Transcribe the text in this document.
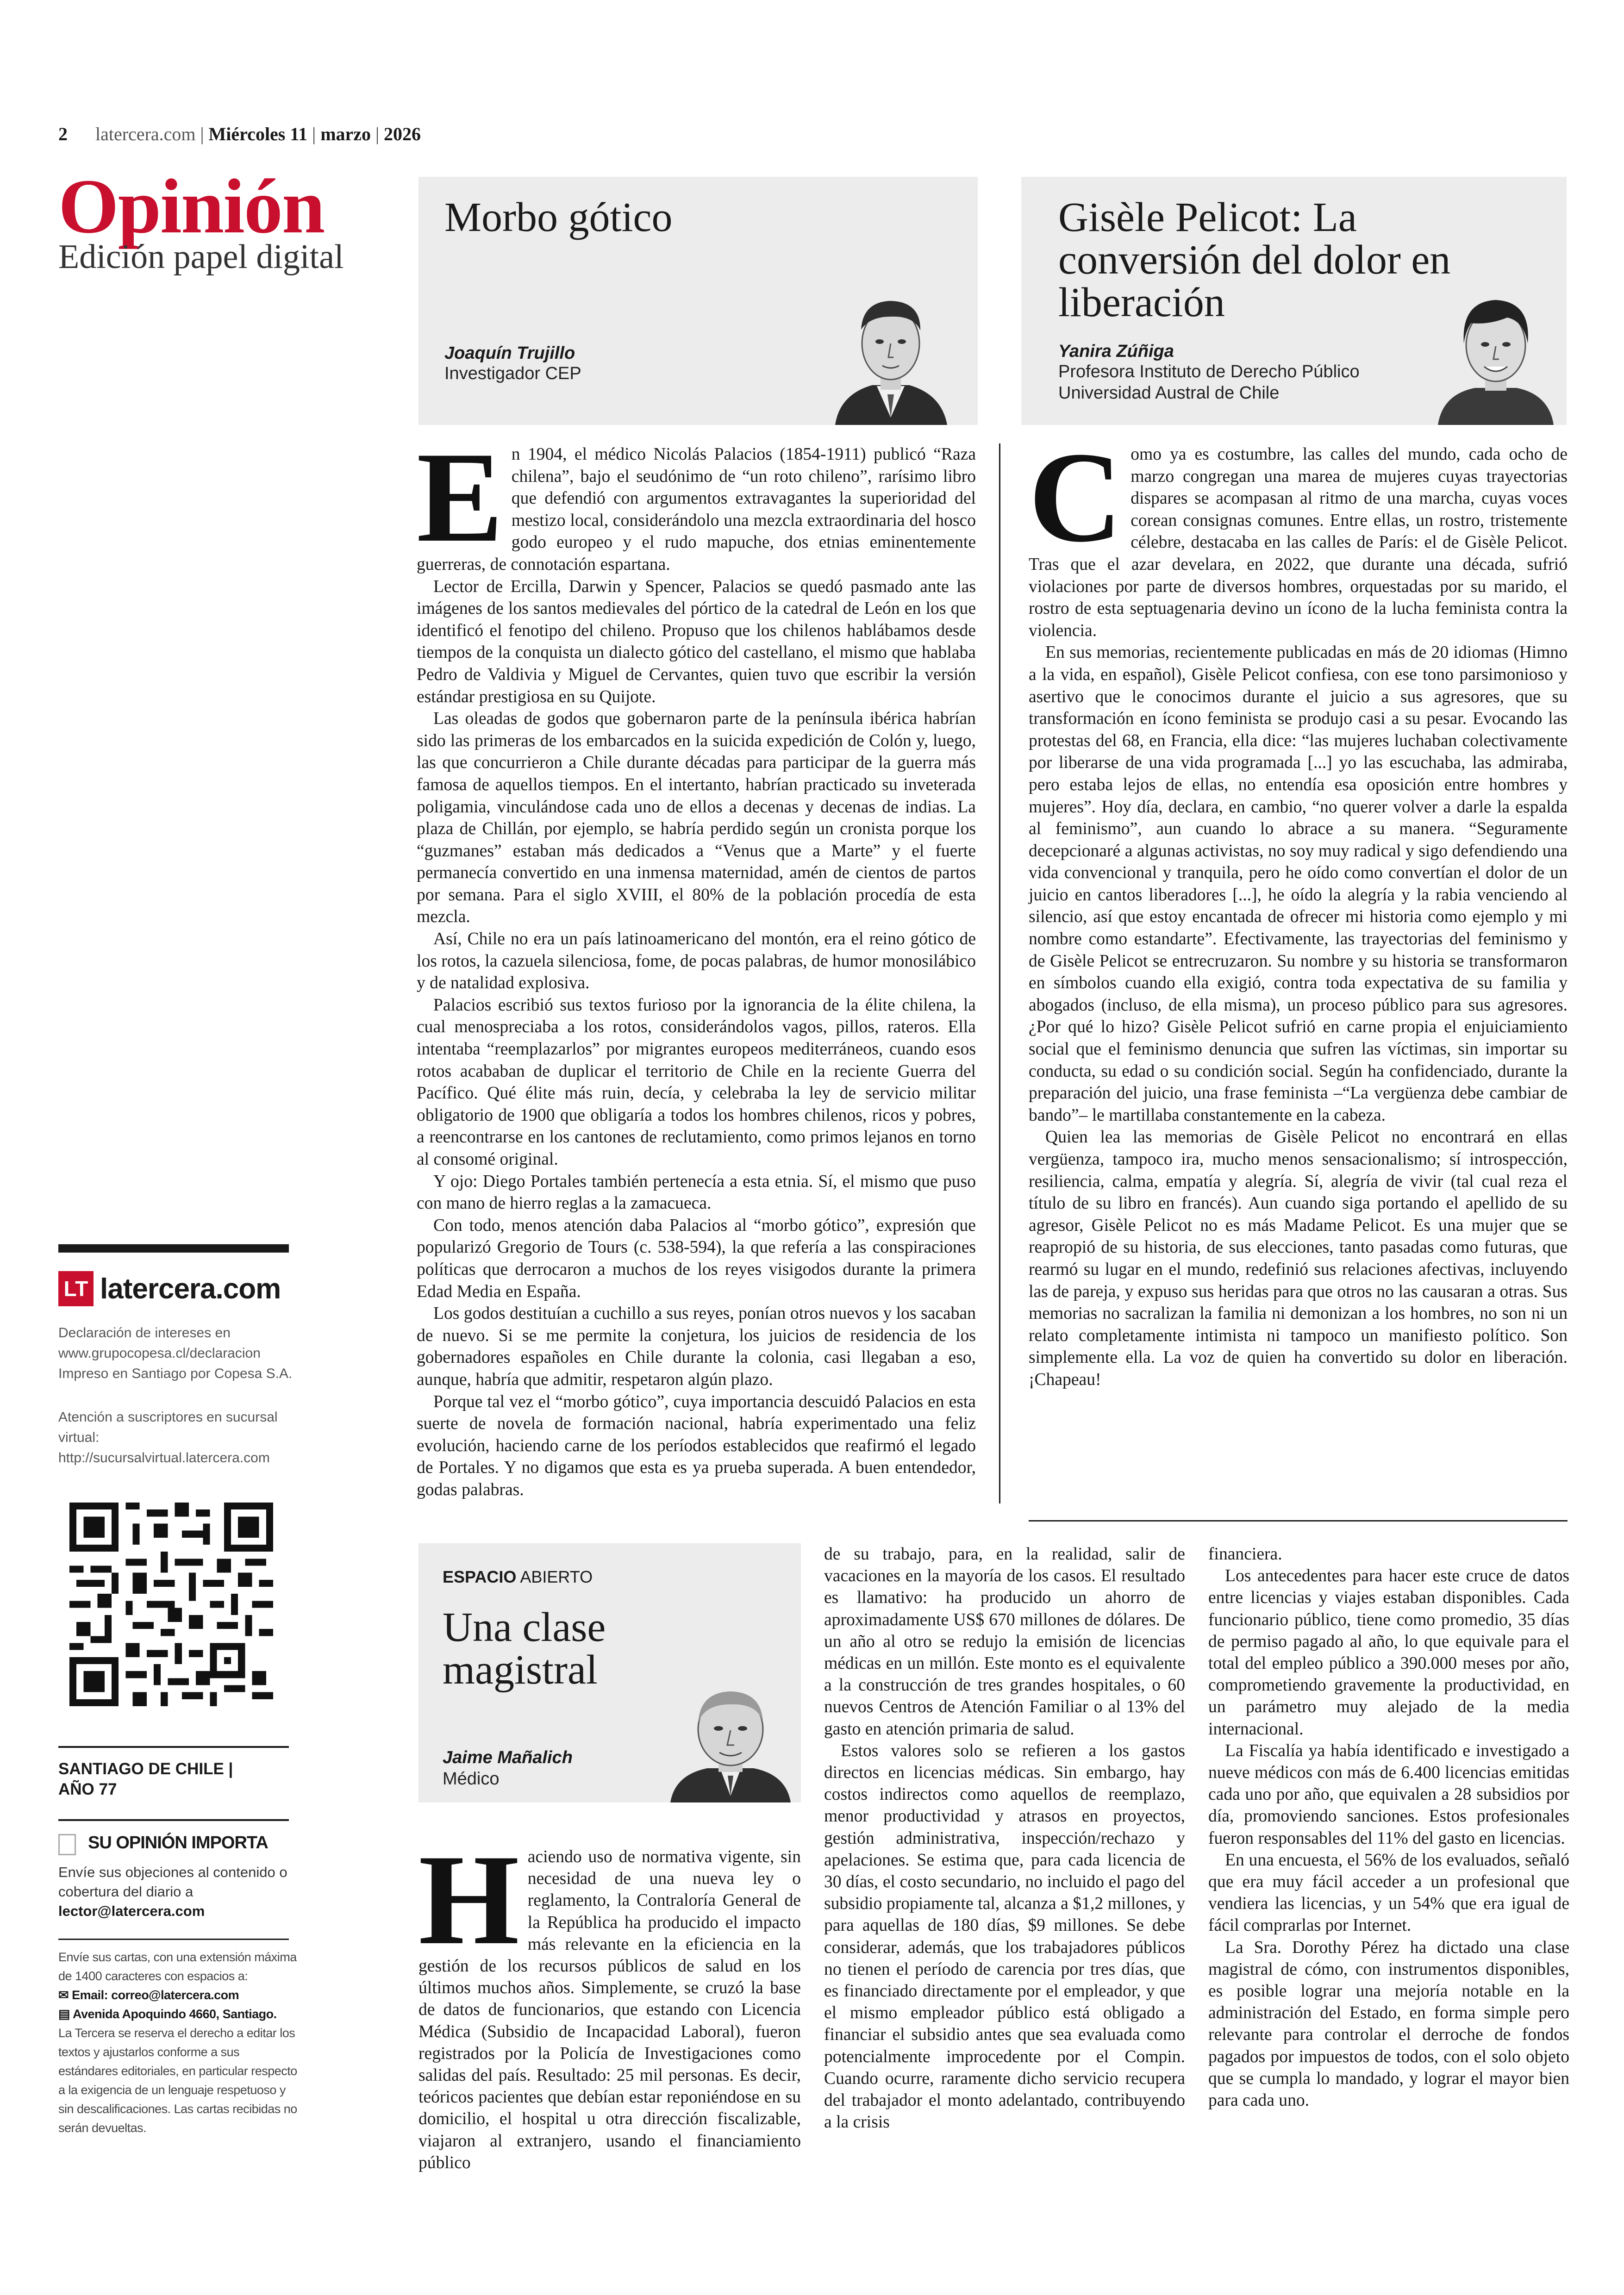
2 latercera.com | Miércoles 11 | marzo | 2026
Opinión
Edición papel digital
LT latercera.com
Declaración de intereses en www.grupocopesa.cl/declaracion Impreso en Santiago por Copesa S.A.
Atención a suscriptores en sucursal virtual: http://sucursalvirtual.latercera.com
SANTIAGO DE CHILE |
AÑO 77
SU OPINIÓN IMPORTA
Envíe sus objeciones al contenido o cobertura del diario a lector@latercera.com
Envíe sus cartas, con una extensión máxima de 1400 caracteres con espacios a:
✉ Email: correo@latercera.com
▤ Avenida Apoquindo 4660, Santiago.
La Tercera se reserva el derecho a editar los textos y ajustarlos conforme a sus estándares editoriales, en particular respecto a la exigencia de un lenguaje respetuoso y sin descalificaciones. Las cartas recibidas no serán devueltas.
Morbo gótico
Joaquín Trujillo
Investigador CEP
Gisèle Pelicot: La conversión del dolor en liberación
Yanira Zúñiga
Profesora Instituto de Derecho Público
Universidad Austral de Chile
E n 1904, el médico Nicolás Palacios (1854-1911) publicó “Raza chilena”, bajo el seudónimo de “un roto chileno”, rarísimo libro que defendió con argumentos extravagantes la superioridad del mestizo local, considerándolo una mezcla extraordinaria del hosco godo europeo y el rudo mapuche, dos etnias eminentemente guerreras, de connotación espartana.

Lector de Ercilla, Darwin y Spencer, Palacios se quedó pasmado ante las imágenes de los santos medievales del pórtico de la catedral de León en los que identificó el fenotipo del chileno. Propuso que los chilenos hablábamos desde tiempos de la conquista un dialecto gótico del castellano, el mismo que hablaba Pedro de Valdivia y Miguel de Cervantes, quien tuvo que escribir la versión estándar prestigiosa en su Quijote.

Las oleadas de godos que gobernaron parte de la península ibérica habrían sido las primeras de los embarcados en la suicida expedición de Colón y, luego, las que concurrieron a Chile durante décadas para participar de la guerra más famosa de aquellos tiempos. En el intertanto, habrían practicado su inveterada poligamia, vinculándose cada uno de ellos a decenas y decenas de indias. La plaza de Chillán, por ejemplo, se habría perdido según un cronista porque los “guzmanes” estaban más dedicados a “Venus que a Marte” y el fuerte permanecía convertido en una inmensa maternidad, amén de cientos de partos por semana. Para el siglo XVIII, el 80% de la población procedía de esta mezcla.

Así, Chile no era un país latinoamericano del montón, era el reino gótico de los rotos, la cazuela silenciosa, fome, de pocas palabras, de humor monosilábico y de natalidad explosiva.

Palacios escribió sus textos furioso por la ignorancia de la élite chilena, la cual menospreciaba a los rotos, considerándolos vagos, pillos, rateros. Ella intentaba “reemplazarlos” por migrantes europeos mediterráneos, cuando esos rotos acababan de duplicar el territorio de Chile en la reciente Guerra del Pacífico. Qué élite más ruin, decía, y celebraba la ley de servicio militar obligatorio de 1900 que obligaría a todos los hombres chilenos, ricos y pobres, a reencontrarse en los cantones de reclutamiento, como primos lejanos en torno al consomé original.

Y ojo: Diego Portales también pertenecía a esta etnia. Sí, el mismo que puso con mano de hierro reglas a la zamacueca.

Con todo, menos atención daba Palacios al “morbo gótico”, expresión que popularizó Gregorio de Tours (c. 538-594), la que refería a las conspiraciones políticas que derrocaron a muchos de los reyes visigodos durante la primera Edad Media en España.

Los godos destituían a cuchillo a sus reyes, ponían otros nuevos y los sacaban de nuevo. Si se me permite la conjetura, los juicios de residencia de los gobernadores españoles en Chile durante la colonia, casi llegaban a eso, aunque, habría que admitir, respetaron algún plazo.

Porque tal vez el “morbo gótico”, cuya importancia descuidó Palacios en esta suerte de novela de formación nacional, habría experimentado una feliz evolución, haciendo carne de los períodos establecidos que reafirmó el legado de Portales. Y no digamos que esta es ya prueba superada. A buen entendedor, godas palabras.

C omo ya es costumbre, las calles del mundo, cada ocho de marzo congregan una marea de mujeres cuyas trayectorias dispares se acompasan al ritmo de una marcha, cuyas voces corean consignas comunes. Entre ellas, un rostro, tristemente célebre, destacaba en las calles de París: el de Gisèle Pelicot. Tras que el azar develara, en 2022, que durante una década, sufrió violaciones por parte de diversos hombres, orquestadas por su marido, el rostro de esta septuagenaria devino un ícono de la lucha feminista contra la violencia.

En sus memorias, recientemente publicadas en más de 20 idiomas (Himno a la vida, en español), Gisèle Pelicot confiesa, con ese tono parsimonioso y asertivo que le conocimos durante el juicio a sus agresores, que su transformación en ícono feminista se produjo casi a su pesar. Evocando las protestas del 68, en Francia, ella dice: “las mujeres luchaban colectivamente por liberarse de una vida programada [...] yo las escuchaba, las admiraba, pero estaba lejos de ellas, no entendía esa oposición entre hombres y mujeres”. Hoy día, declara, en cambio, “no querer volver a darle la espalda al feminismo”, aun cuando lo abrace a su manera. “Seguramente decepcionaré a algunas activistas, no soy muy radical y sigo defendiendo una vida convencional y tranquila, pero he oído como convertían el dolor de un juicio en cantos liberadores [...], he oído la alegría y la rabia venciendo al silencio, así que estoy encantada de ofrecer mi historia como ejemplo y mi nombre como estandarte”. Efectivamente, las trayectorias del feminismo y de Gisèle Pelicot se entrecruzaron. Su nombre y su historia se transformaron en símbolos cuando ella exigió, contra toda expectativa de su familia y abogados (incluso, de ella misma), un proceso público para sus agresores. ¿Por qué lo hizo? Gisèle Pelicot sufrió en carne propia el enjuiciamiento social que el feminismo denuncia que sufren las víctimas, sin importar su conducta, su edad o su condición social. Según ha confidenciado, durante la preparación del juicio, una frase feminista –“La vergüenza debe cambiar de bando”– le martillaba constantemente en la cabeza.

Quien lea las memorias de Gisèle Pelicot no encontrará en ellas vergüenza, tampoco ira, mucho menos sensacionalismo; sí introspección, resiliencia, calma, empatía y alegría. Sí, alegría de vivir (tal cual reza el título de su libro en francés). Aun cuando siga portando el apellido de su agresor, Gisèle Pelicot no es más Madame Pelicot. Es una mujer que se reapropió de su historia, de sus elecciones, tanto pasadas como futuras, que rearmó su lugar en el mundo, redefinió sus relaciones afectivas, incluyendo las de pareja, y expuso sus heridas para que otros no las causaran a otras. Sus memorias no sacralizan la familia ni demonizan a los hombres, no son ni un relato completamente intimista ni tampoco un manifiesto político. Son simplemente ella. La voz de quien ha convertido su dolor en liberación. ¡Chapeau!

ESPACIO ABIERTO
Una clase magistral
Jaime Mañalich
Médico
H aciendo uso de normativa vigente, sin necesidad de una nueva ley o reglamento, la Contraloría General de la República ha producido el impacto más relevante en la eficiencia en la gestión de los recursos públicos de salud en los últimos muchos años. Simplemente, se cruzó la base de datos de funcionarios, que estando con Licencia Médica (Subsidio de Incapacidad Laboral), fueron registrados por la Policía de Investigaciones como salidas del país. Resultado: 25 mil personas. Es decir, teóricos pacientes que debían estar reponiéndose en su domicilio, el hospital u otra dirección fiscalizable, viajaron al extranjero, usando el financiamiento público

de su trabajo, para, en la realidad, salir de vacaciones en la mayoría de los casos. El resultado es llamativo: ha producido un ahorro de aproximadamente US$ 670 millones de dólares. De un año al otro se redujo la emisión de licencias médicas en un millón. Este monto es el equivalente a la construcción de tres grandes hospitales, o 60 nuevos Centros de Atención Familiar o al 13% del gasto en atención primaria de salud.

Estos valores solo se refieren a los gastos directos en licencias médicas. Sin embargo, hay costos indirectos como aquellos de reemplazo, menor productividad y atrasos en proyectos, gestión administrativa, inspección/rechazo y apelaciones. Se estima que, para cada licencia de 30 días, el costo secundario, no incluido el pago del subsidio propiamente tal, alcanza a $1,2 millones, y para aquellas de 180 días, $9 millones. Se debe considerar, además, que los trabajadores públicos no tienen el período de carencia por tres días, que es financiado directamente por el empleador, y que el mismo empleador público está obligado a financiar el subsidio antes que sea evaluada como potencialmente improcedente por el Compin. Cuando ocurre, raramente dicho servicio recupera del trabajador el monto adelantado, contribuyendo a la crisis

financiera.

Los antecedentes para hacer este cruce de datos entre licencias y viajes estaban disponibles. Cada funcionario público, tiene como promedio, 35 días de permiso pagado al año, lo que equivale para el total del empleo público a 390.000 meses por año, comprometiendo gravemente la productividad, en un parámetro muy alejado de la media internacional.

La Fiscalía ya había identificado e investigado a nueve médicos con más de 6.400 licencias emitidas cada uno por año, que equivalen a 28 subsidios por día, promoviendo sanciones. Estos profesionales fueron responsables del 11% del gasto en licencias.

En una encuesta, el 56% de los evaluados, señaló que era muy fácil acceder a un profesional que vendiera las licencias, y un 54% que era igual de fácil comprarlas por Internet.

La Sra. Dorothy Pérez ha dictado una clase magistral de cómo, con instrumentos disponibles, es posible lograr una mejoría notable en la administración del Estado, en forma simple pero relevante para controlar el derroche de fondos pagados por impuestos de todos, con el solo objeto que se cumpla lo mandado, y lograr el mayor bien para cada uno.
